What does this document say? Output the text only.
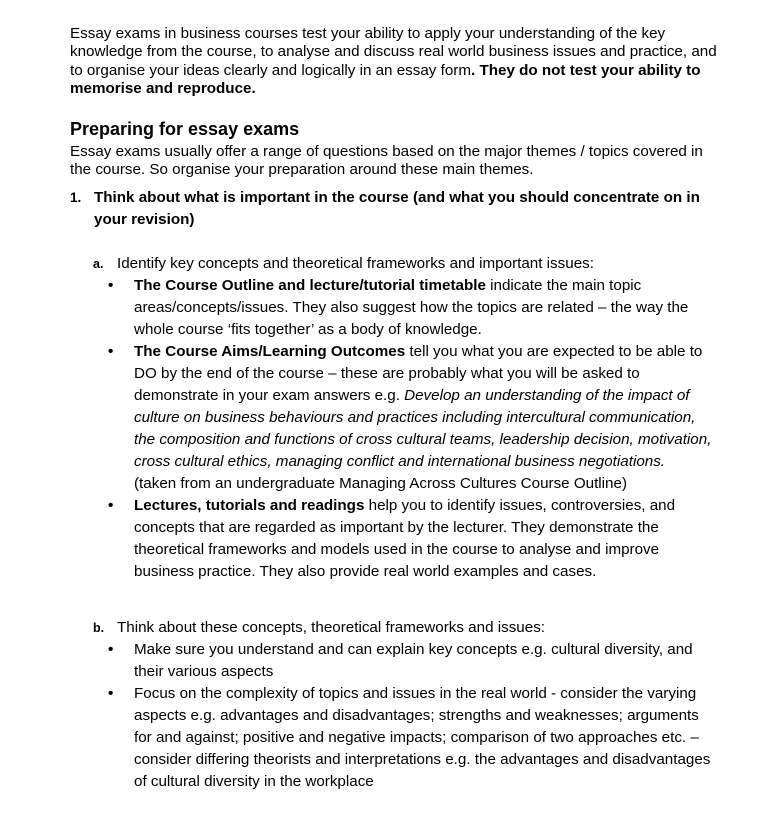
Essay exams in business courses test your ability to apply your understanding of the key knowledge from the course, to analyse and discuss real world business issues and practice, and to organise your ideas clearly and logically in an essay form. They do not test your ability to memorise and reproduce.

Preparing for essay exams

Essay exams usually offer a range of questions based on the major themes / topics covered in the course. So organise your preparation around these main themes.

1. Think about what is important in the course (and what you should concentrate on in your revision)
a. Identify key concepts and theoretical frameworks and important issues:
•	The Course Outline and lecture/tutorial timetable indicate the main topic areas/concepts/issues. They also suggest how the topics are related – the way the whole course ‘fits together’ as a body of knowledge.
•	The Course Aims/Learning Outcomes tell you what you are expected to be able to DO by the end of the course – these are probably what you will be asked to demonstrate in your exam answers e.g. Develop an understanding of the impact of culture on business behaviours and practices including intercultural communication, the composition and functions of cross cultural teams, leadership decision, motivation, cross cultural ethics, managing conflict and international business negotiations.
(taken from an undergraduate Managing Across Cultures Course Outline)
•	Lectures, tutorials and readings help you to identify issues, controversies, and concepts that are regarded as important by the lecturer. They demonstrate the theoretical frameworks and models used in the course to analyse and improve business practice. They also provide real world examples and cases.
b. Think about these concepts, theoretical frameworks and issues:
•	Make sure you understand and can explain key concepts e.g. cultural diversity, and their various aspects
•	Focus on the complexity of topics and issues in the real world - consider the varying aspects e.g. advantages and disadvantages; strengths and weaknesses; arguments for and against; positive and negative impacts; comparison of two approaches etc. – consider differing theorists and interpretations e.g. the advantages and disadvantages of cultural diversity in the workplace
